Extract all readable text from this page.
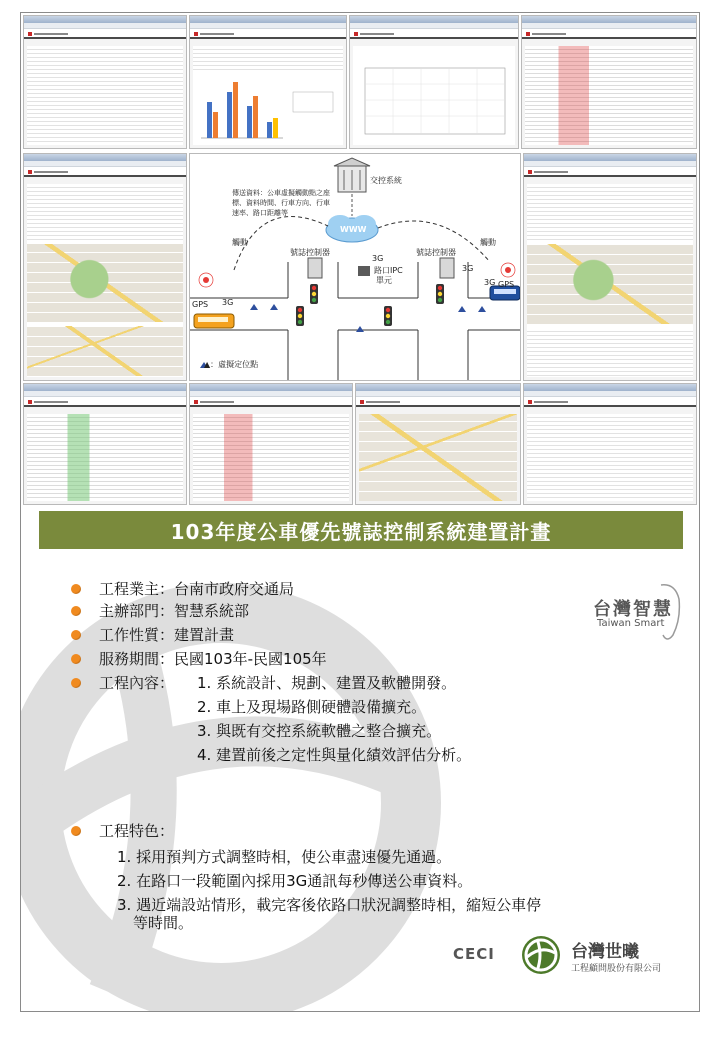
交控系統
WWW
傳送資料：公車虛擬觸動點之座
標、資料時間、行車方向、行車
速率、路口距離等
觸動	觸動
號誌控制器	號誌控制器
3G
3G
3G
3G
路口IPC
單元
GPS
GPS
▲：虛擬定位點
103年度公車優先號誌控制系統建置計畫
台灣智慧
Taiwan Smart
工程業主：台南市政府交通局
主辦部門：智慧系統部
工作性質：建置計畫
服務期間：民國103年-民國105年
工程內容： 1. 系統設計、規劃、建置及軟體開發。
2. 車上及現場路側硬體設備擴充。
3. 與既有交控系統軟體之整合擴充。
4. 建置前後之定性與量化績效評估分析。
工程特色：
1. 採用預判方式調整時相，使公車盡速優先通過。
2. 在路口一段範圍內採用3G通訊每秒傳送公車資料。
3. 遇近端設站情形，載完客後依路口狀況調整時相，縮短公車停
等時間。
CECI	台灣世曦
工程顧問股份有限公司
